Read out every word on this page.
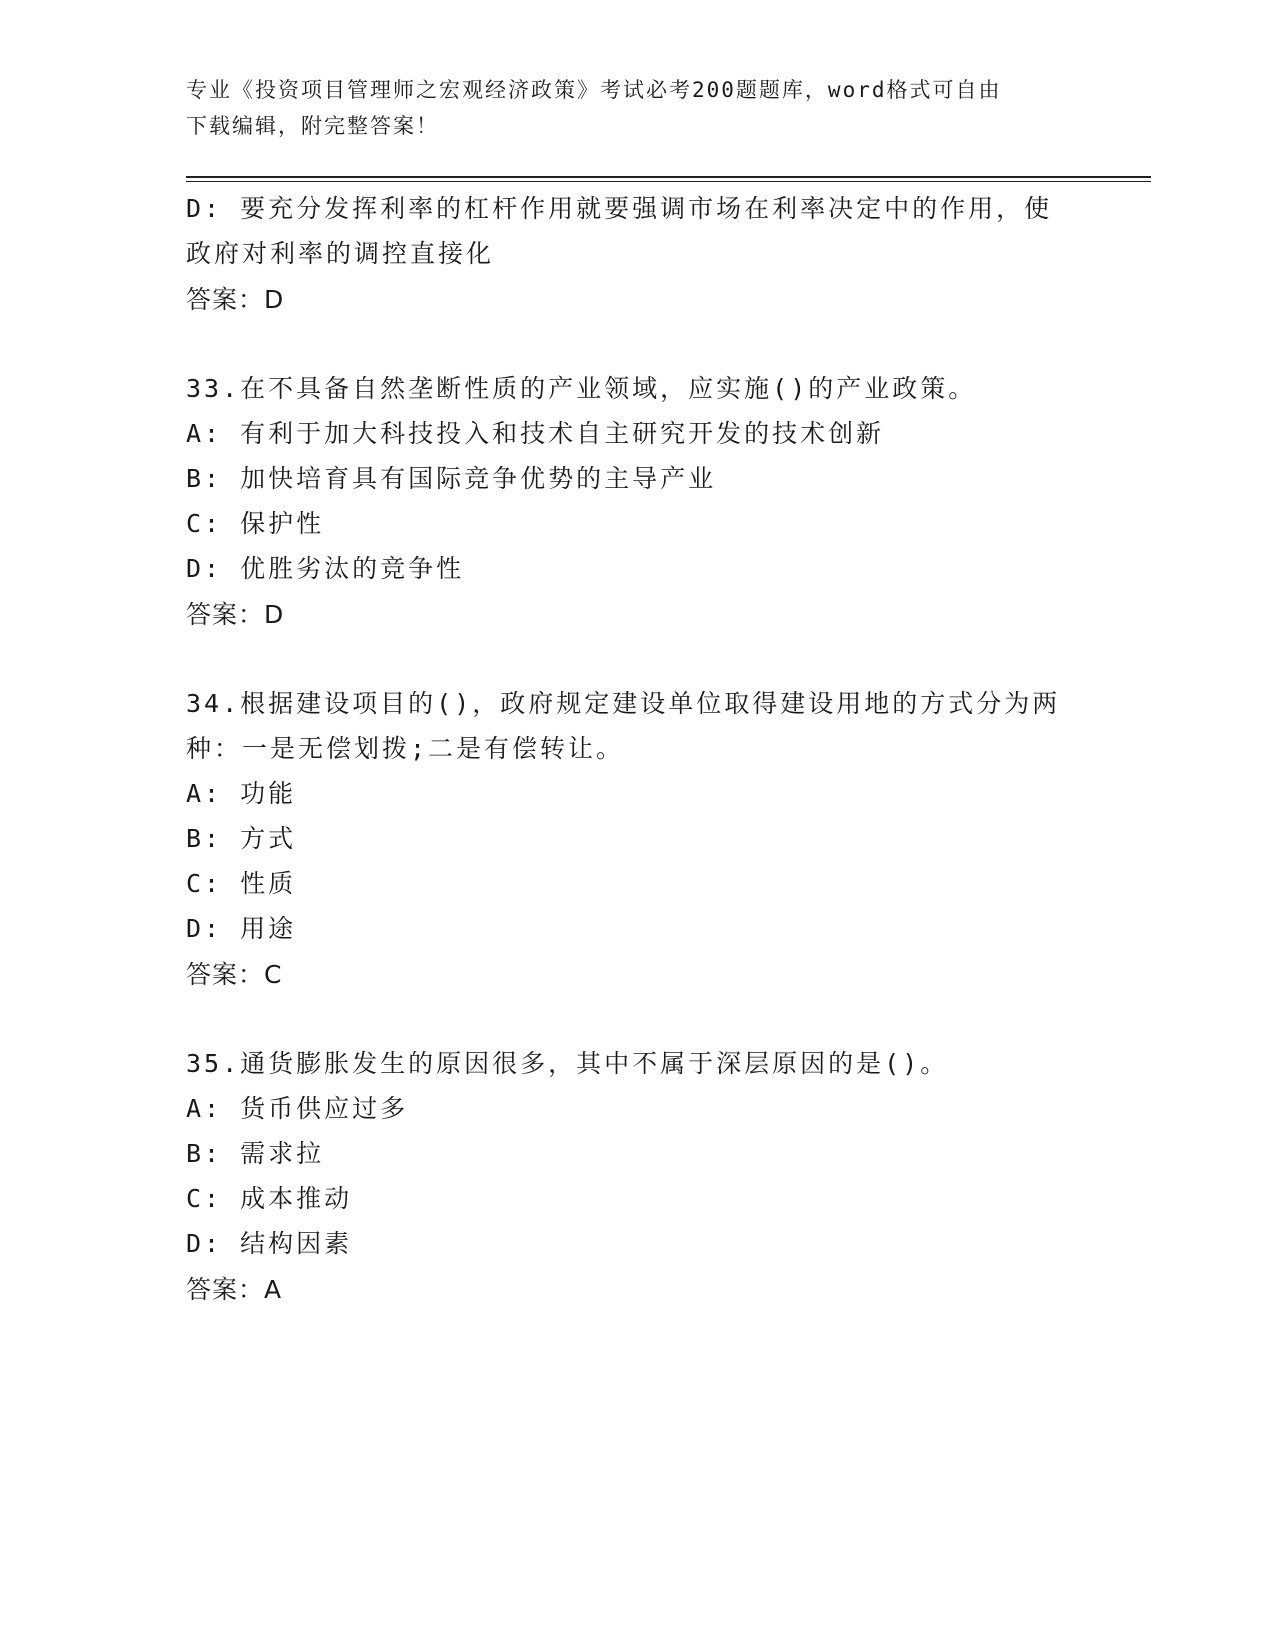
专业《投资项目管理师之宏观经济政策》考试必考200题题库，word格式可自由
下载编辑，附完整答案！
D: 要充分发挥利率的杠杆作用就要强调市场在利率决定中的作用，使
政府对利率的调控直接化
答案：D
33.在不具备自然垄断性质的产业领域，应实施()的产业政策。
A: 有利于加大科技投入和技术自主研究开发的技术创新
B: 加快培育具有国际竞争优势的主导产业
C: 保护性
D: 优胜劣汰的竞争性
答案：D
34.根据建设项目的()，政府规定建设单位取得建设用地的方式分为两
种：一是无偿划拨;二是有偿转让。
A: 功能
B: 方式
C: 性质
D: 用途
答案：C
35.通货膨胀发生的原因很多，其中不属于深层原因的是()。
A: 货币供应过多
B: 需求拉
C: 成本推动
D: 结构因素
答案：A
